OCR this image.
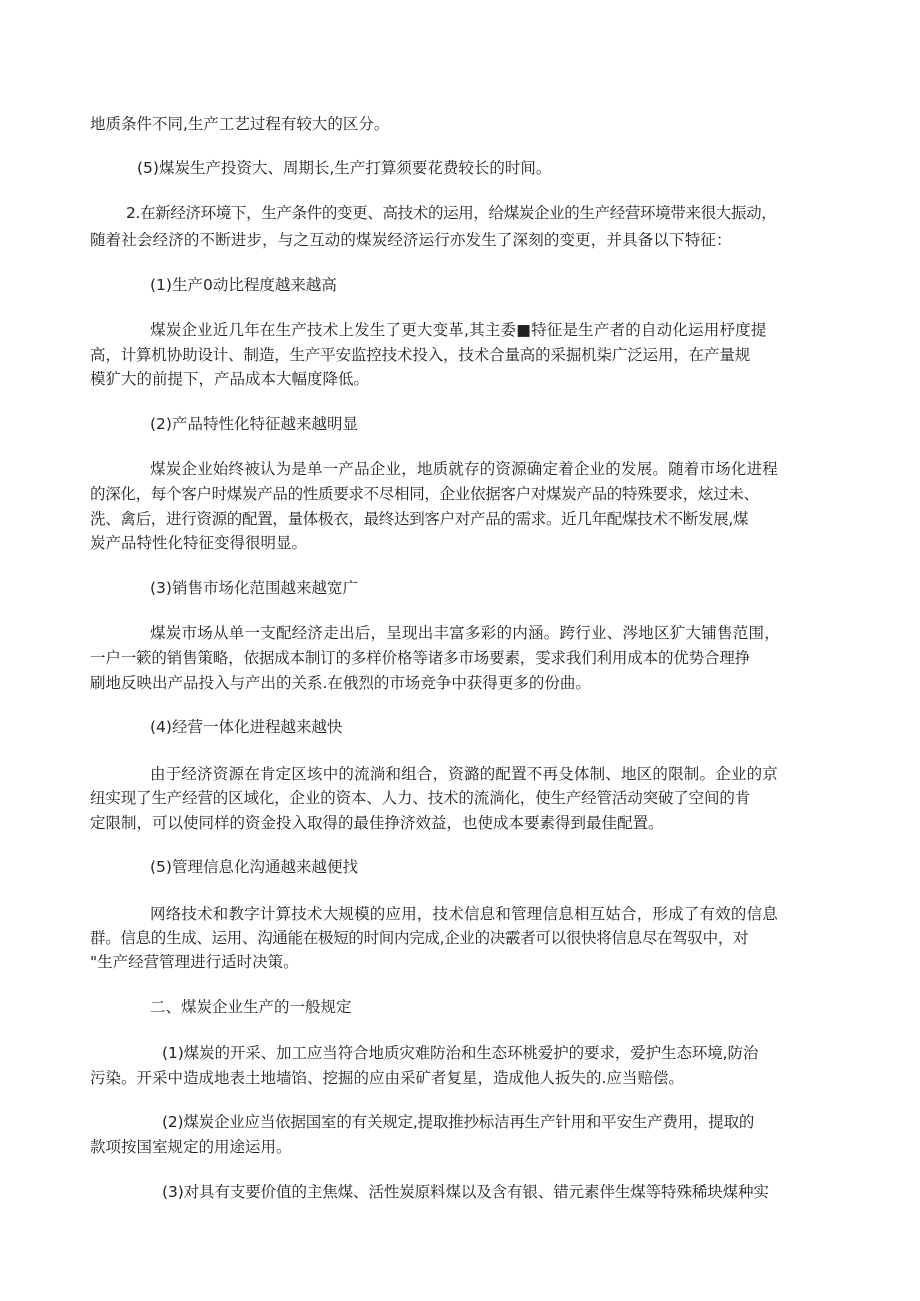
地质条件不同,生产工艺过程有较大的区分。
(5)煤炭生产投资大、周期长,生产打算须要花费较长的时间。
2.在新经济环境下，生产条件的变更、高技术的运用，给煤炭企业的生产经营环境带来很大振动，
随着社会经济的不断进步，与之互动的煤炭经济运行亦发生了深刻的变更，并具备以下特征：
(1)生产0动比程度越来越高
煤炭企业近几年在生产技术上发生了更大变革,其主委■特征是生产者的自动化运用杼度提
高，计算机协助设计、制造，生产平安监控技术投入，技术合量高的采掘机柒广泛运用，在产量规
模犷大的前提下，产品成本大幅度降低。
(2)产品特性化特征越来越明显
煤炭企业始终被认为是单一产品企业，地质就存的资源确定着企业的发展。随着市场化进程
的深化，每个客户时煤炭产品的性质要求不尽相同，企业依据客户对煤炭产品的特殊要求，炫过未、
洗、禽后，进行资源的配置，量体极衣，最终达到客户对产品的需求。近几年配煤技术不断发展,煤
炭产品特性化特征变得很明显。
(3)销售市场化范围越来越宽广
煤炭市场从单一支配经济走出后，呈现出丰富多彩的内涵。跨行业、涔地区犷大铺售范围，
一户一簌的销售策略，依据成本制订的多样价格等诸多市场要素，雯求我们利用成本的优势合理挣
刷地反映出产品投入与产出的关系.在俄烈的市场竞争中获得更多的份曲。
(4)经营一体化进程越来越快
由于经济资源在肯定区垓中的流淌和组合，资潞的配置不再殳体制、地区的限制。企业的京
纽实现了生产经营的区域化，企业的资本、人力、技术的流淌化，使生产经管活动突破了空间的肯
定限制，可以使同样的资金投入取得的最佳挣济效益，也使成本要素得到最佳配置。
(5)管理信息化沟通越来越便找
网络技术和教字计算技术大规模的应用，技术信息和管理信息相互姑合，形成了有效的信息
群。信息的生成、运用、沟通能在极短的时间内完成,企业的决霰者可以很快将信息尽在驾驭中，对
"生产经营管理进行适时决策。
二、煤炭企业生产的一般规定
(1)煤炭的开采、加工应当符合地质灾难防治和生态环桃爱护的要求，爱护生态环境,防治
污染。开采中造成地表土地墙馅、挖掘的应由采矿者复星，造成他人扳失的.应当赔偿。
(2)煤炭企业应当依据国室的有关规定,提取推抄标洁再生产针用和平安生产费用，提取的
款项按国室规定的用途运用。
(3)对具有支要价值的主焦煤、活性炭原料煤以及含有银、错元素伴生煤等特殊稀块煤种实
